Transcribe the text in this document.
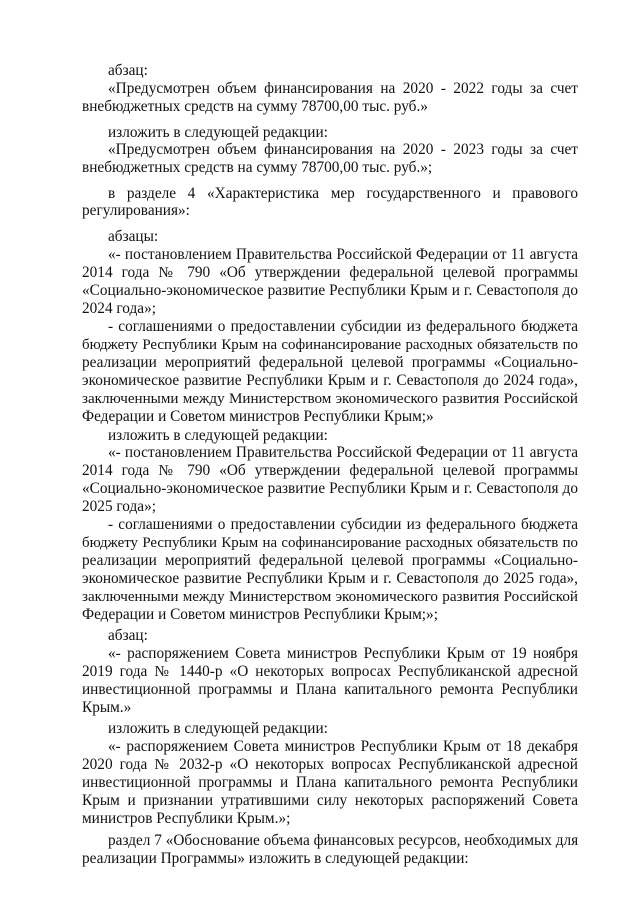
абзац:
«Предусмотрен объем финансирования на 2020 - 2022 годы за счет
внебюджетных средств на сумму 78700,00 тыс. руб.»
изложить в следующей редакции:
«Предусмотрен объем финансирования на 2020 - 2023 годы за счет
внебюджетных средств на сумму 78700,00 тыс. руб.»;
в разделе 4 «Характеристика мер государственного и правового
регулирования»:
абзацы:
«- постановлением Правительства Российской Федерации от 11 августа
2014 года № 790 «Об утверждении федеральной целевой программы
«Социально-экономическое развитие Республики Крым и г. Севастополя до
2024 года»;
- соглашениями о предоставлении субсидии из федерального бюджета
бюджету Республики Крым на софинансирование расходных обязательств по
реализации мероприятий федеральной целевой программы «Социально-
экономическое развитие Республики Крым и г. Севастополя до 2024 года»,
заключенными между Министерством экономического развития Российской
Федерации и Советом министров Республики Крым;»
изложить в следующей редакции:
«- постановлением Правительства Российской Федерации от 11 августа
2014 года № 790 «Об утверждении федеральной целевой программы
«Социально-экономическое развитие Республики Крым и г. Севастополя до
2025 года»;
- соглашениями о предоставлении субсидии из федерального бюджета
бюджету Республики Крым на софинансирование расходных обязательств по
реализации мероприятий федеральной целевой программы «Социально-
экономическое развитие Республики Крым и г. Севастополя до 2025 года»,
заключенными между Министерством экономического развития Российской
Федерации и Советом министров Республики Крым;»;
абзац:
«- распоряжением Совета министров Республики Крым от 19 ноября
2019 года № 1440-р «О некоторых вопросах Республиканской адресной
инвестиционной программы и Плана капитального ремонта Республики
Крым.»
изложить в следующей редакции:
«- распоряжением Совета министров Республики Крым от 18 декабря
2020 года № 2032-р «О некоторых вопросах Республиканской адресной
инвестиционной программы и Плана капитального ремонта Республики
Крым и признании утратившими силу некоторых распоряжений Совета
министров Республики Крым.»;
раздел 7 «Обоснование объема финансовых ресурсов, необходимых для
реализации Программы» изложить в следующей редакции:
